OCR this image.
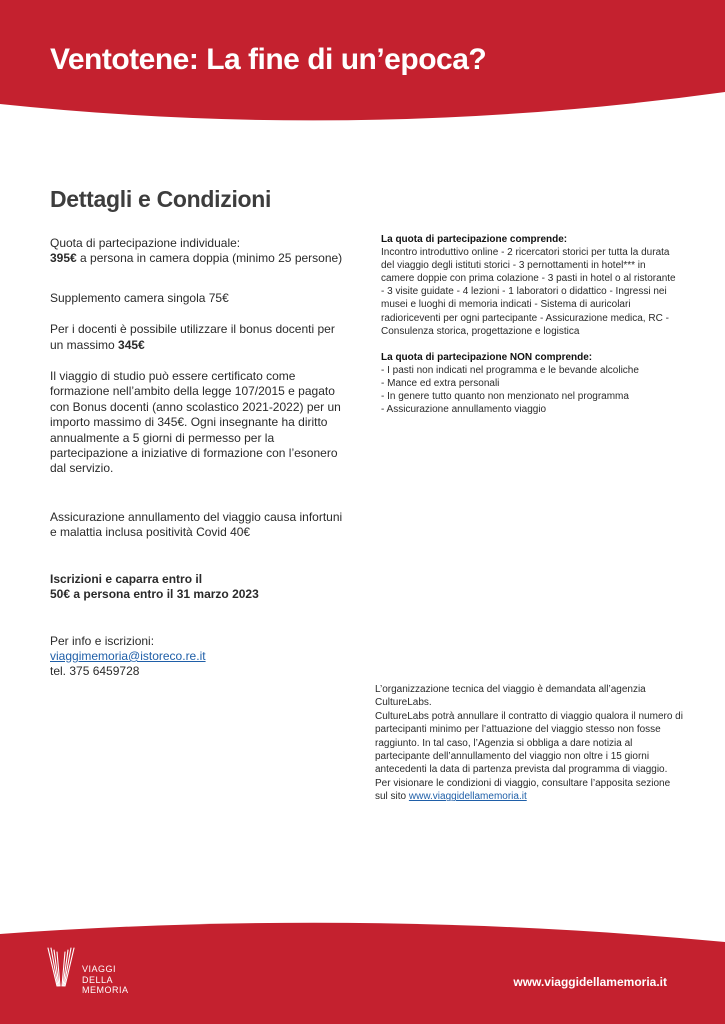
Ventotene: La fine di un’epoca?
Dettagli e Condizioni

Quota di partecipazione individuale:
395€ a persona in camera doppia (minimo 25 persone)

Supplemento camera singola 75€

Per i docenti è possibile utilizzare il bonus docenti per un massimo 345€

Il viaggio di studio può essere certificato come formazione nell’ambito della legge 107/2015 e pagato con Bonus docenti (anno scolastico 2021-2022) per un importo massimo di 345€. Ogni insegnante ha diritto annualmente a 5 giorni di permesso per la partecipazione a iniziative di formazione con l’esonero dal servizio.

Assicurazione annullamento del viaggio causa infortuni e malattia inclusa positività Covid 40€

Iscrizioni e caparra entro il
50€ a persona entro il 31 marzo 2023

Per info e iscrizioni:
viaggimemoria@istoreco.re.it
tel. 375 6459728

La quota di partecipazione comprende:

Incontro introduttivo online - 2 ricercatori storici per tutta la durata del viaggio degli istituti storici - 3 pernottamenti in hotel*** in camere doppie con prima colazione - 3 pasti in hotel o al ristorante - 3 visite guidate - 4 lezioni - 1 laboratori o didattico - Ingressi nei musei e luoghi di memoria indicati - Sistema di auricolari radioriceventi per ogni partecipante - Assicurazione medica, RC - Consulenza storica, progettazione e logistica

La quota di partecipazione NON comprende:

- I pasti non indicati nel programma e le bevande alcoliche

- Mance ed extra personali

- In genere tutto quanto non menzionato nel programma

- Assicurazione annullamento viaggio

L’organizzazione tecnica del viaggio è demandata all’agenzia CultureLabs.

CultureLabs potrà annullare il contratto di viaggio qualora il numero di partecipanti minimo per l’attuazione del viaggio stesso non fosse raggiunto. In tal caso, l’Agenzia si obbliga a dare notizia al partecipante dell’annullamento del viaggio non oltre i 15 giorni antecedenti la data di partenza prevista dal programma di viaggio.

Per visionare le condizioni di viaggio, consultare l’apposita sezione sul sito www.viaggidellamemoria.it

VIAGGI
DELLA
MEMORIA
www.viaggidellamemoria.it
